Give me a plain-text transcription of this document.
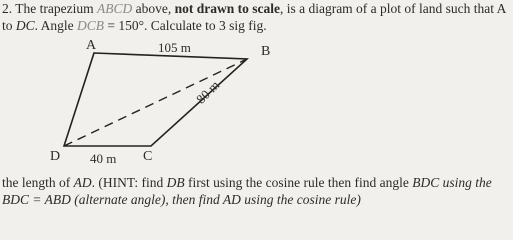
2. The trapezium ABCD above, not drawn to scale, is a diagram of a plot of land such that A
to DC. Angle DCB = 150°. Calculate to 3 sig fig.
A	B
C
D
105 m
40 m
80 m
the length of AD. (HINT: find DB first using the cosine rule then find angle BDC using the
BDC = ABD (alternate angle), then find AD using the cosine rule)
